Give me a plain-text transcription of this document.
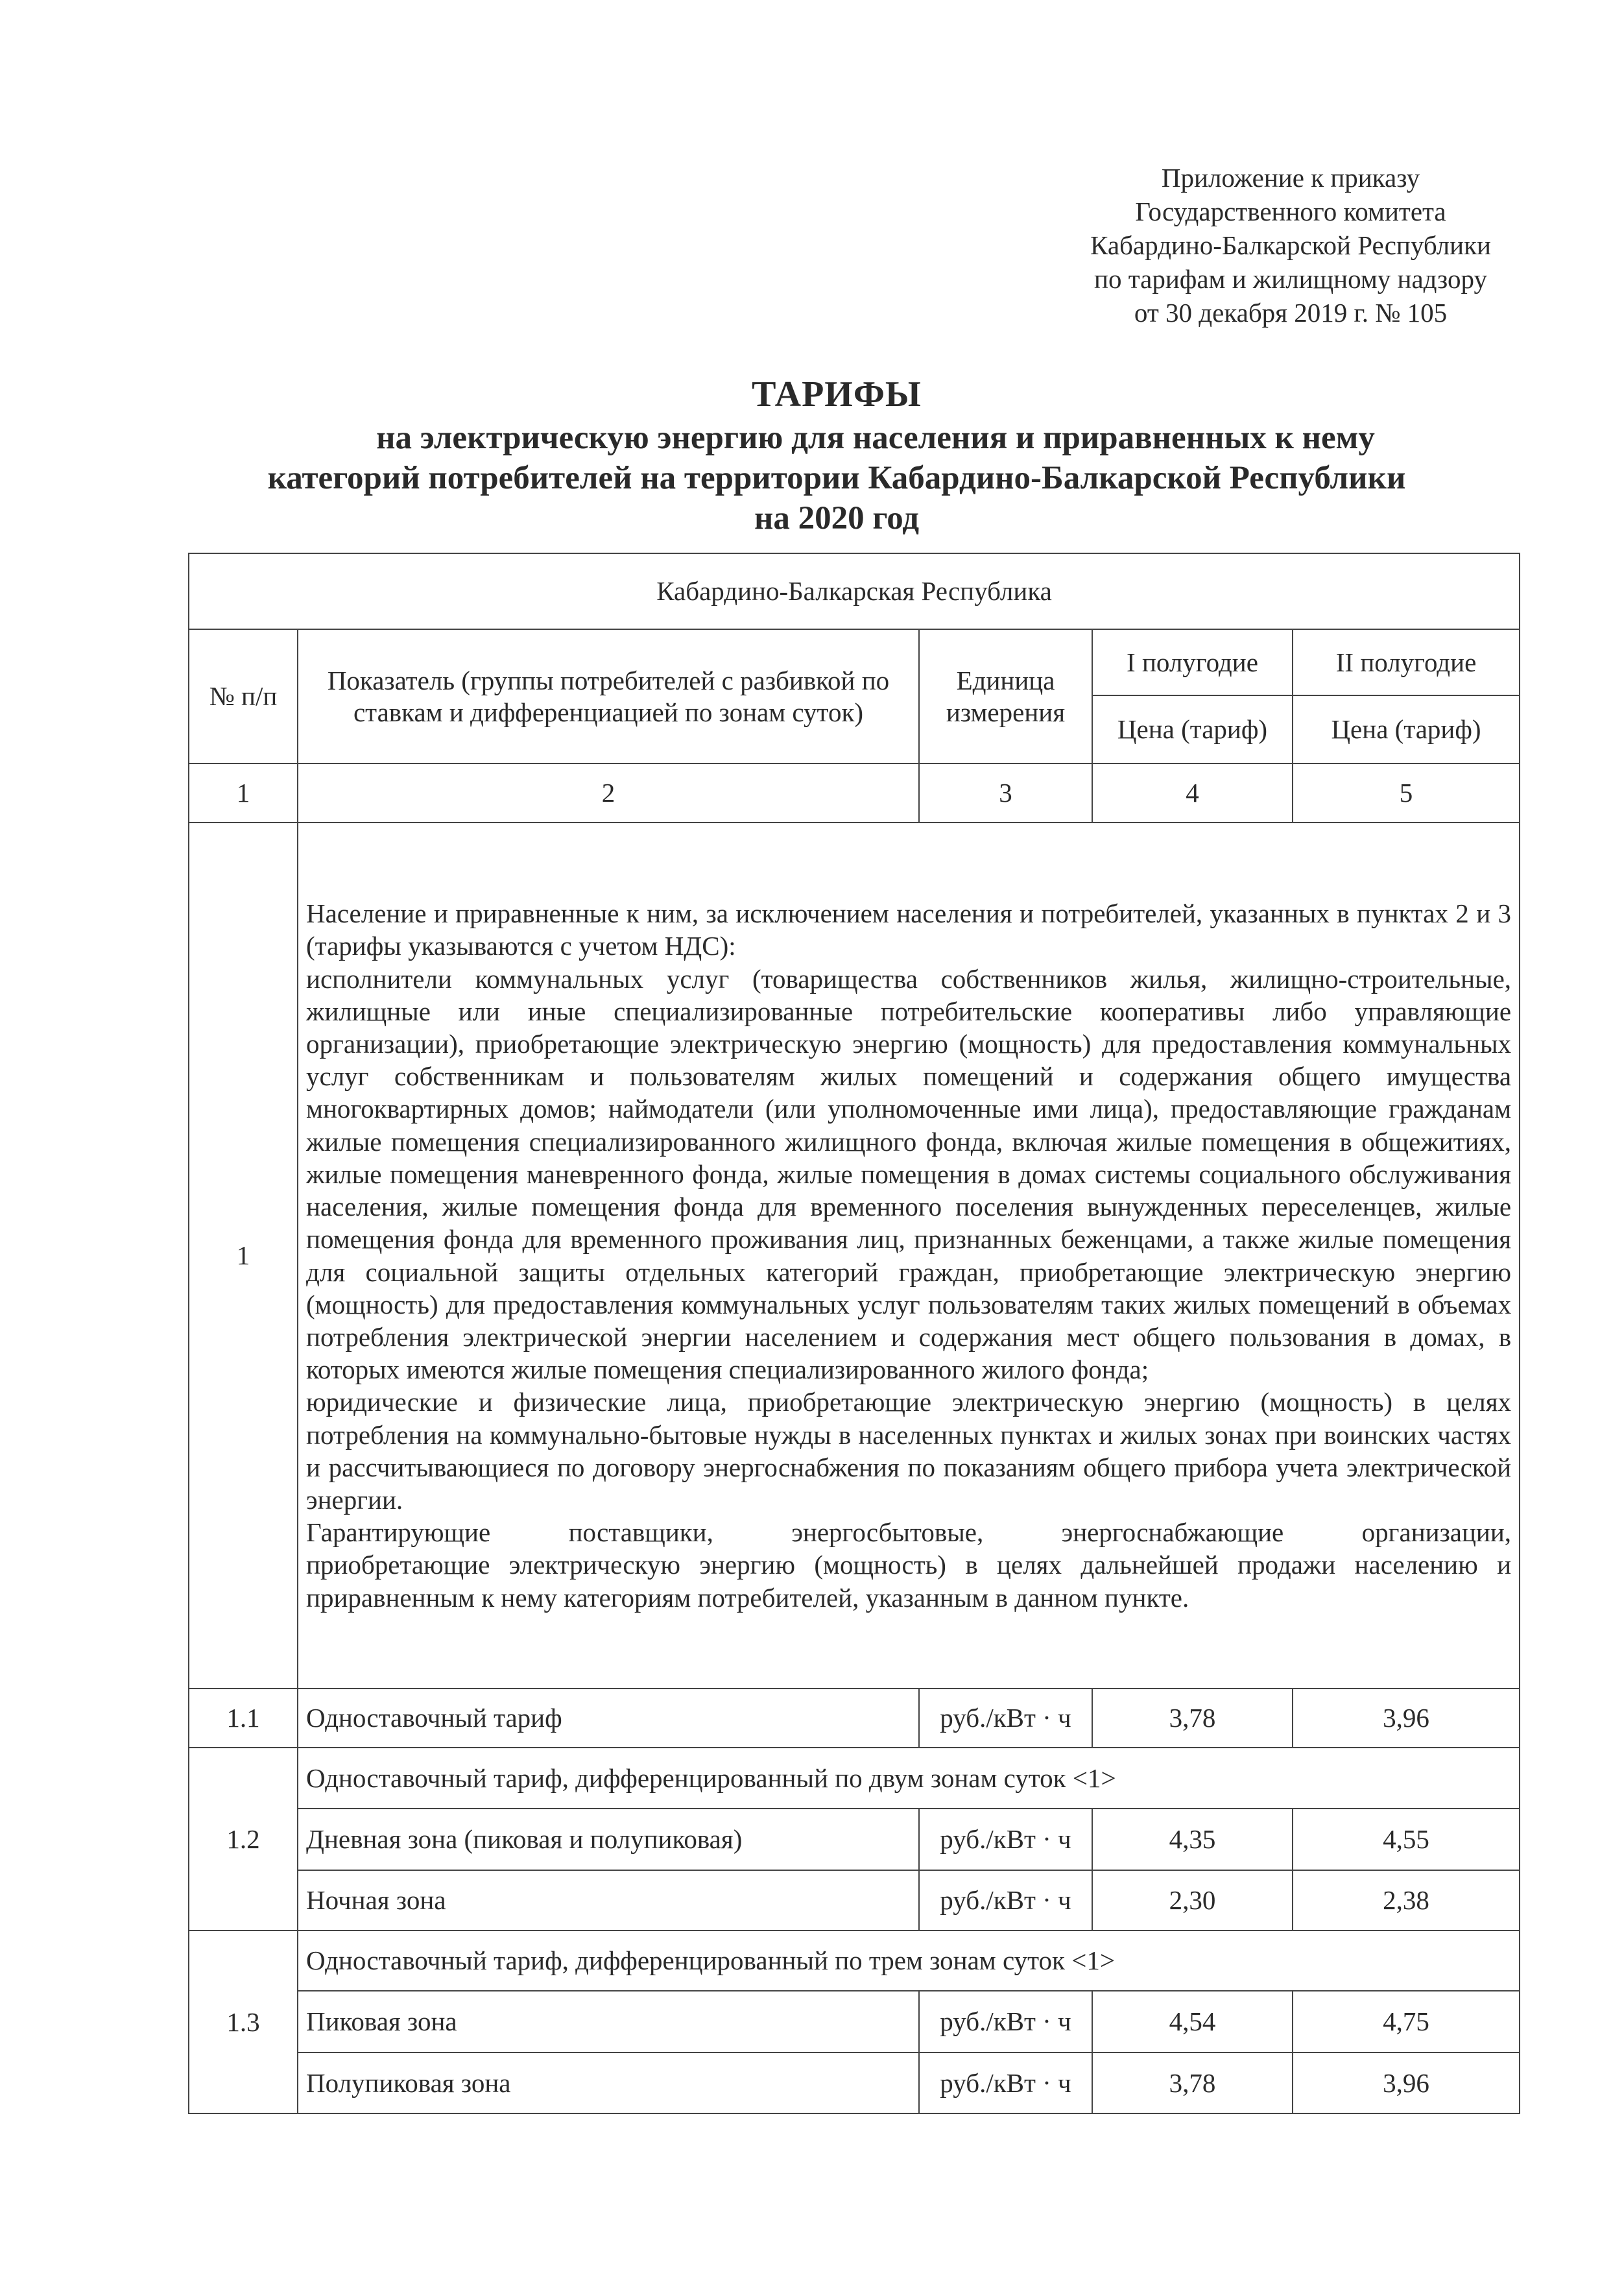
Приложение к приказу
Государственного комитета
Кабардино-Балкарской Республики
по тарифам и жилищному надзору
от 30 декабря 2019 г. № 105
ТАРИФЫ
на электрическую энергию для населения и приравненных к нему
категорий потребителей на территории Кабардино-Балкарской Республики
на 2020 год
Кабардино-Балкарская Республика				
№ п/п	Показатель (группы потребителей с разбивкой по ставкам и дифференциацией по зонам суток)	Единица измерения	I полугодие	II полугодие
			Цена (тариф)	Цена (тариф)
1	2	3	4	5
1	Население и приравненные к ним, за исключением населения и потребителей, указанных в пунктах 2 и 3 (тарифы указываются с учетом НДС):
исполнители коммунальных услуг (товарищества собственников жилья, жилищно-строительные, жилищные или иные специализированные потребительские кооперативы либо управляющие организации), приобретающие электрическую энергию (мощность) для предоставления коммунальных услуг собственникам и пользователям жилых помещений и содержания общего имущества многоквартирных домов; наймодатели (или уполномоченные ими лица), предоставляющие гражданам жилые помещения специализированного жилищного фонда, включая жилые помещения в общежитиях, жилые помещения маневренного фонда, жилые помещения в домах системы социального обслуживания населения, жилые помещения фонда для временного поселения вынужденных переселенцев, жилые помещения фонда для временного проживания лиц, признанных беженцами, а также жилые помещения для социальной защиты отдельных категорий граждан, приобретающие электрическую энергию (мощность) для предоставления коммунальных услуг пользователям таких жилых помещений в объемах потребления электрической энергии населением и содержания мест общего пользования в домах, в которых имеются жилые помещения специализированного жилого фонда;
юридические и физические лица, приобретающие электрическую энергию (мощность) в целях потребления на коммунально-бытовые нужды в населенных пунктах и жилых зонах при воинских частях и рассчитывающиеся по договору энергоснабжения по показаниям общего прибора учета электрической энергии.
Гарантирующие поставщики, энергосбытовые, энергоснабжающие организации,
приобретающие электрическую энергию (мощность) в целях дальнейшей продажи населению и приравненным к нему категориям потребителей, указанным в данном пункте.			

1.1	Одноставочный тариф	руб./кВт · ч	3,78	3,96
1.2	Одноставочный тариф, дифференцированный по двум зонам суток <1>			
	Дневная зона (пиковая и полупиковая)	руб./кВт · ч	4,35	4,55
	Ночная зона	руб./кВт · ч	2,30	2,38
1.3	Одноставочный тариф, дифференцированный по трем зонам суток <1>			
	Пиковая зона	руб./кВт · ч	4,54	4,75
	Полупиковая зона	руб./кВт · ч	3,78	3,96
